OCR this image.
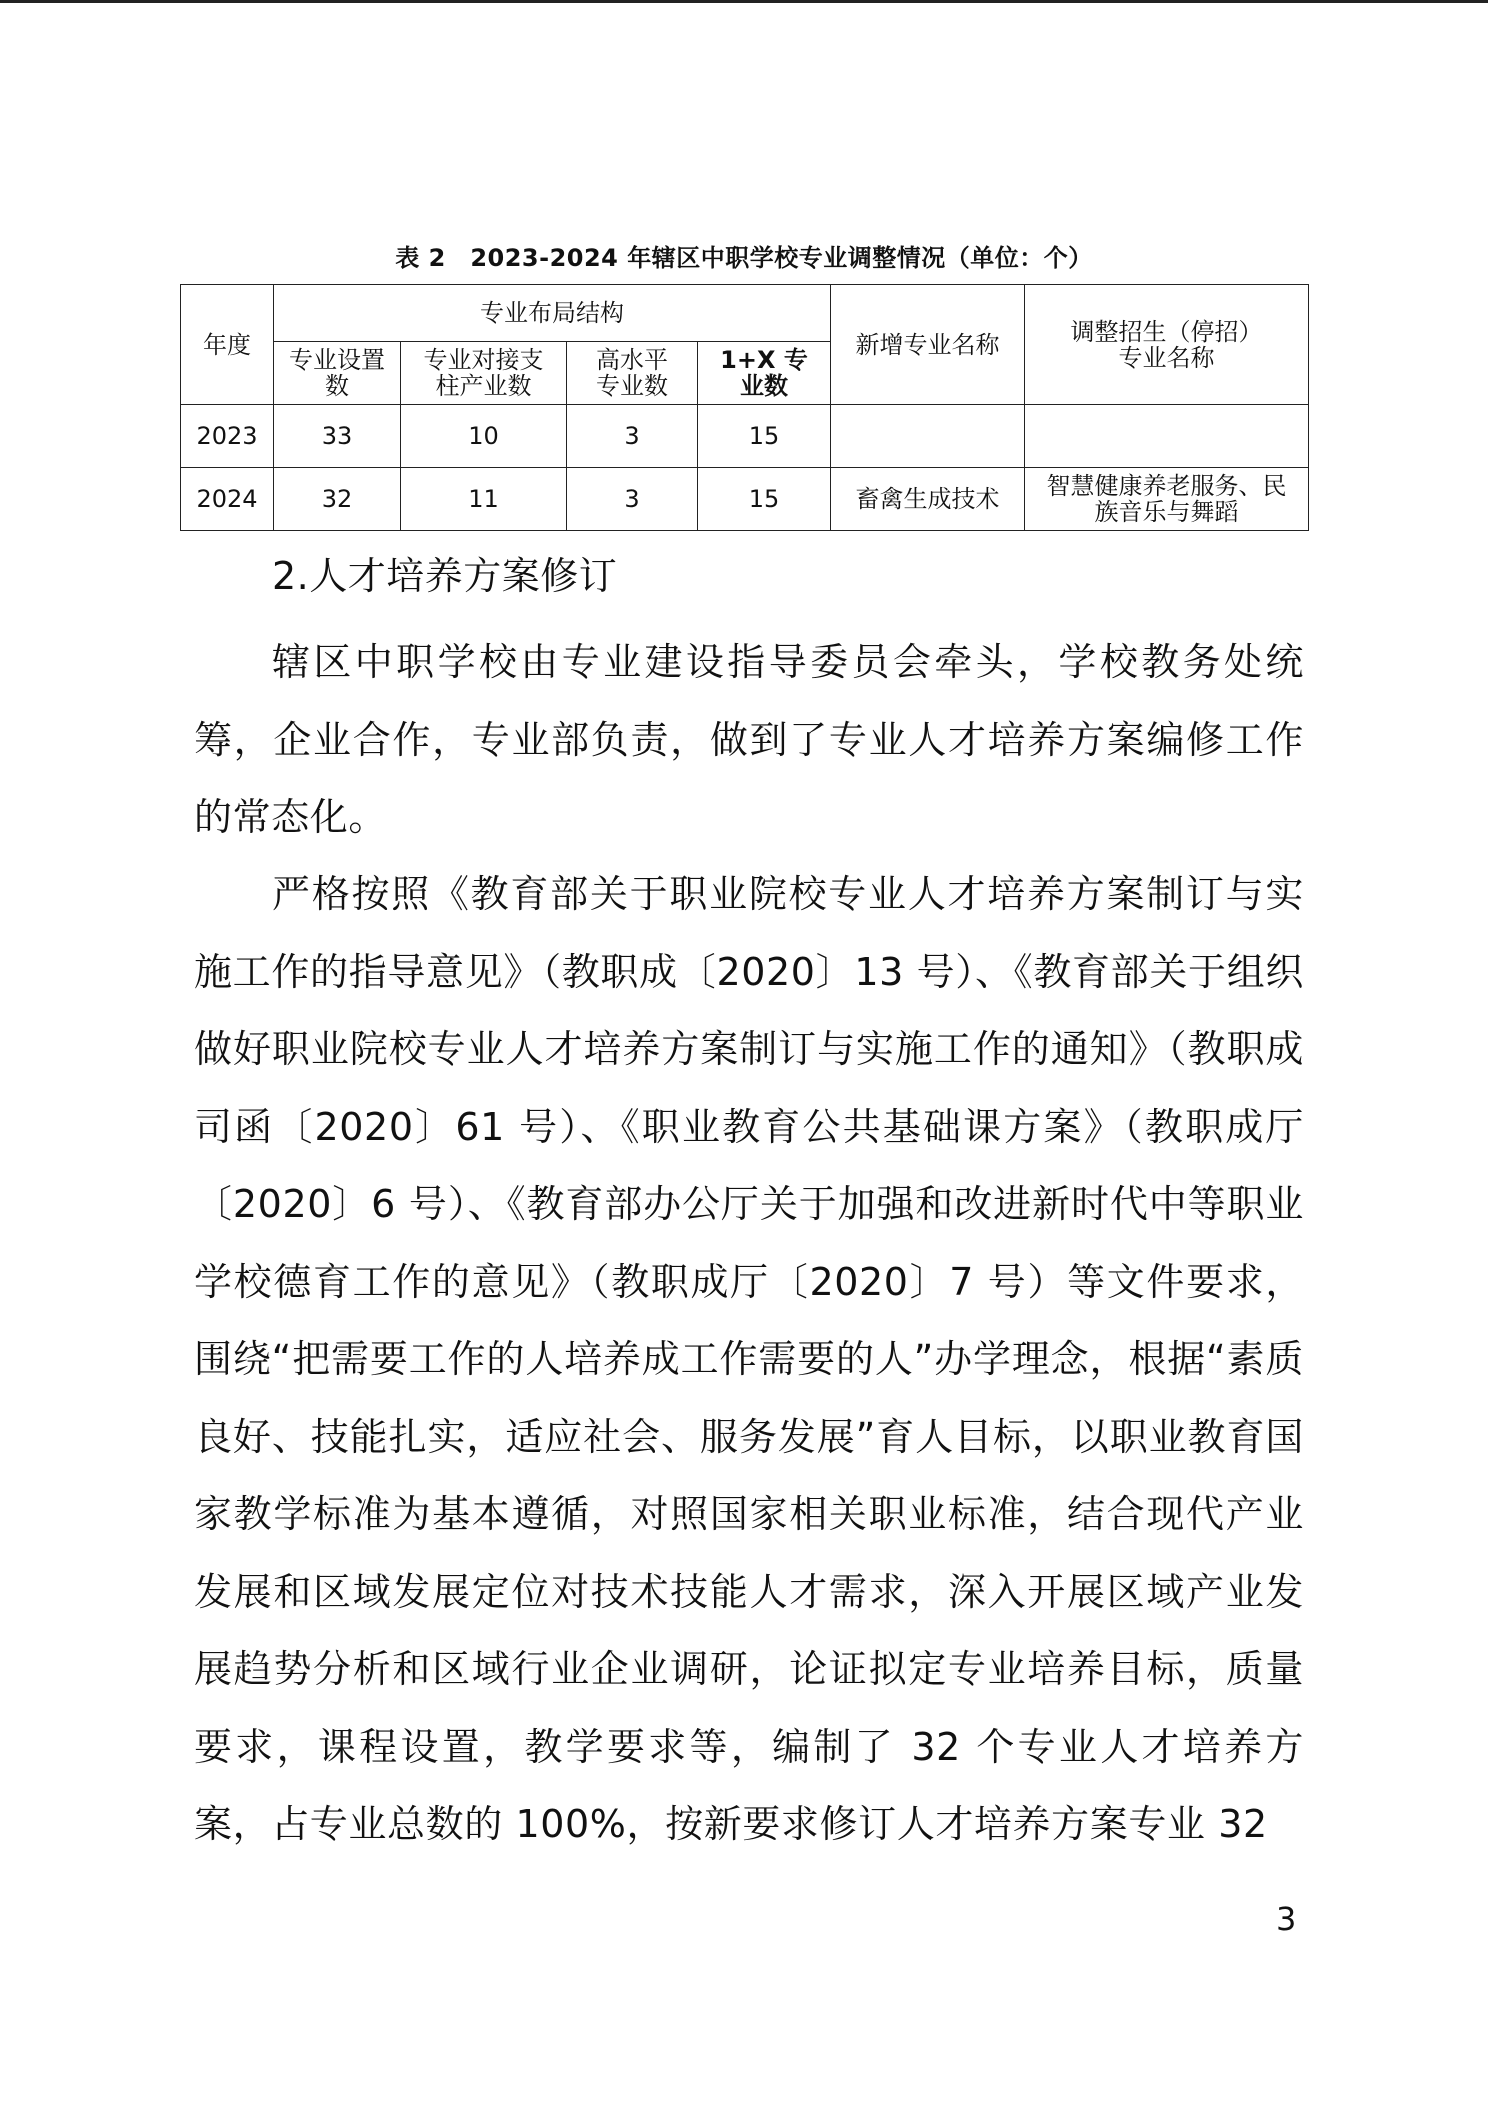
表 2　2023-2024 年辖区中职学校专业调整情况（单位：个）
年度	专业布局结构				新增专业名称	调整招生（停招）专业名称
	专业设置数	专业对接支柱产业数	高水平专业数	1+X 专业数		
2023	33	10	3	15		
2024	32	11	3	15	畜禽生成技术	智慧健康养老服务、民族音乐与舞蹈
2.人才培养方案修订

辖区中职学校由专业建设指导委员会牵头，学校教务处统筹，企业合作，专业部负责，做到了专业人才培养方案编修工作的常态化。

严格按照《教育部关于职业院校专业人才培养方案制订与实施工作的指导意见》（教职成〔2020〕13 号）、《教育部关于组织做好职业院校专业人才培养方案制订与实施工作的通知》（教职成司函〔2020〕61 号）、《职业教育公共基础课方案》（教职成厅〔2020〕6 号）、《教育部办公厅关于加强和改进新时代中等职业学校德育工作的意见》（教职成厅〔2020〕7 号）等文件要求，围绕“把需要工作的人培养成工作需要的人”办学理念，根据“素质良好、技能扎实，适应社会、服务发展”育人目标，以职业教育国家教学标准为基本遵循，对照国家相关职业标准，结合现代产业发展和区域发展定位对技术技能人才需求，深入开展区域产业发展趋势分析和区域行业企业调研，论证拟定专业培养目标，质量要求，课程设置，教学要求等，编制了 32 个专业人才培养方案，占专业总数的 100%，按新要求修订人才培养方案专业 32

3
